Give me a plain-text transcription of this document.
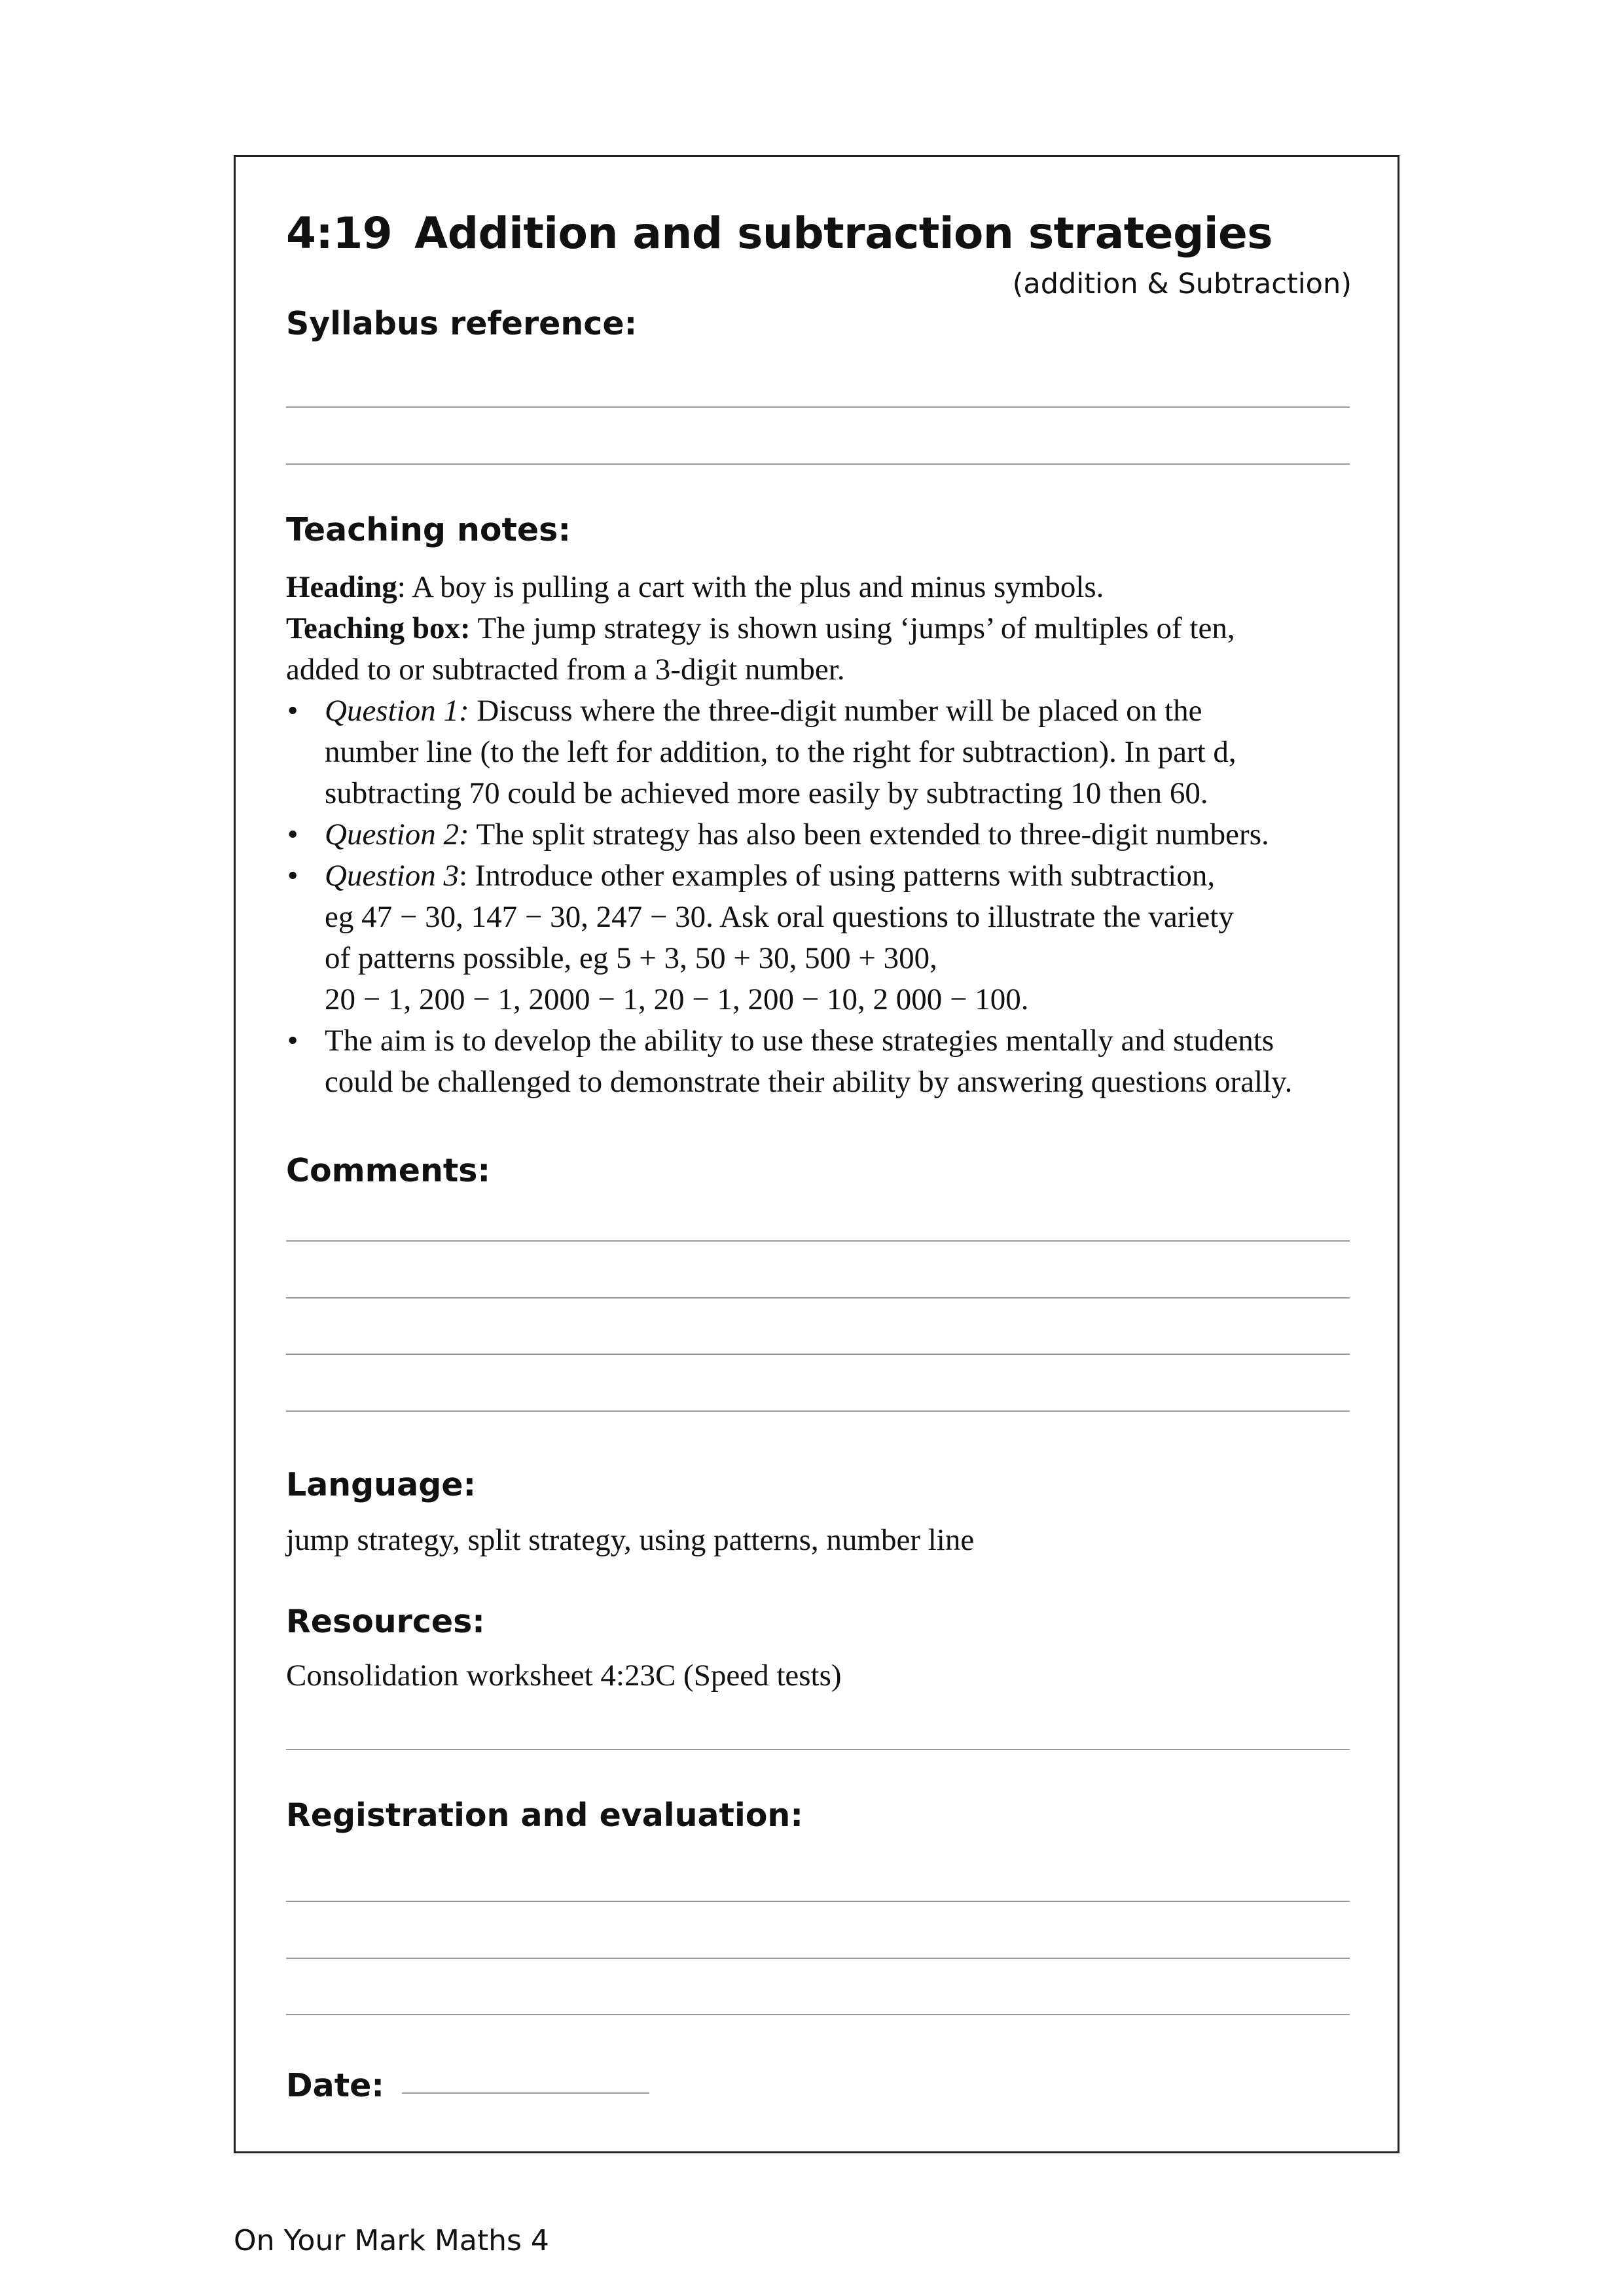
4:19 Addition and subtraction strategies
(addition & Subtraction)
Syllabus reference:
Teaching notes:

Heading: A boy is pulling a cart with the plus and minus symbols.

Teaching box: The jump strategy is shown using ‘jumps’ of multiples of ten,
added to or subtracted from a 3-digit number.

• Question 1: Discuss where the three-digit number will be placed on the
number line (to the left for addition, to the right for subtraction). In part d,
subtracting 70 could be achieved more easily by subtracting 10 then 60.
• Question 2: The split strategy has also been extended to three-digit numbers.
• Question 3: Introduce other examples of using patterns with subtraction,
eg 47 − 30, 147 − 30, 247 − 30. Ask oral questions to illustrate the variety
of patterns possible, eg 5 + 3, 50 + 30, 500 + 300,
20 − 1, 200 − 1, 2000 − 1, 20 − 1, 200 − 10, 2 000 − 100.
• The aim is to develop the ability to use these strategies mentally and students
could be challenged to demonstrate their ability by answering questions orally.
Comments:
Language:
jump strategy, split strategy, using patterns, number line
Resources:
Consolidation worksheet 4:23C (Speed tests)
Registration and evaluation:
Date:
On Your Mark Maths 4
